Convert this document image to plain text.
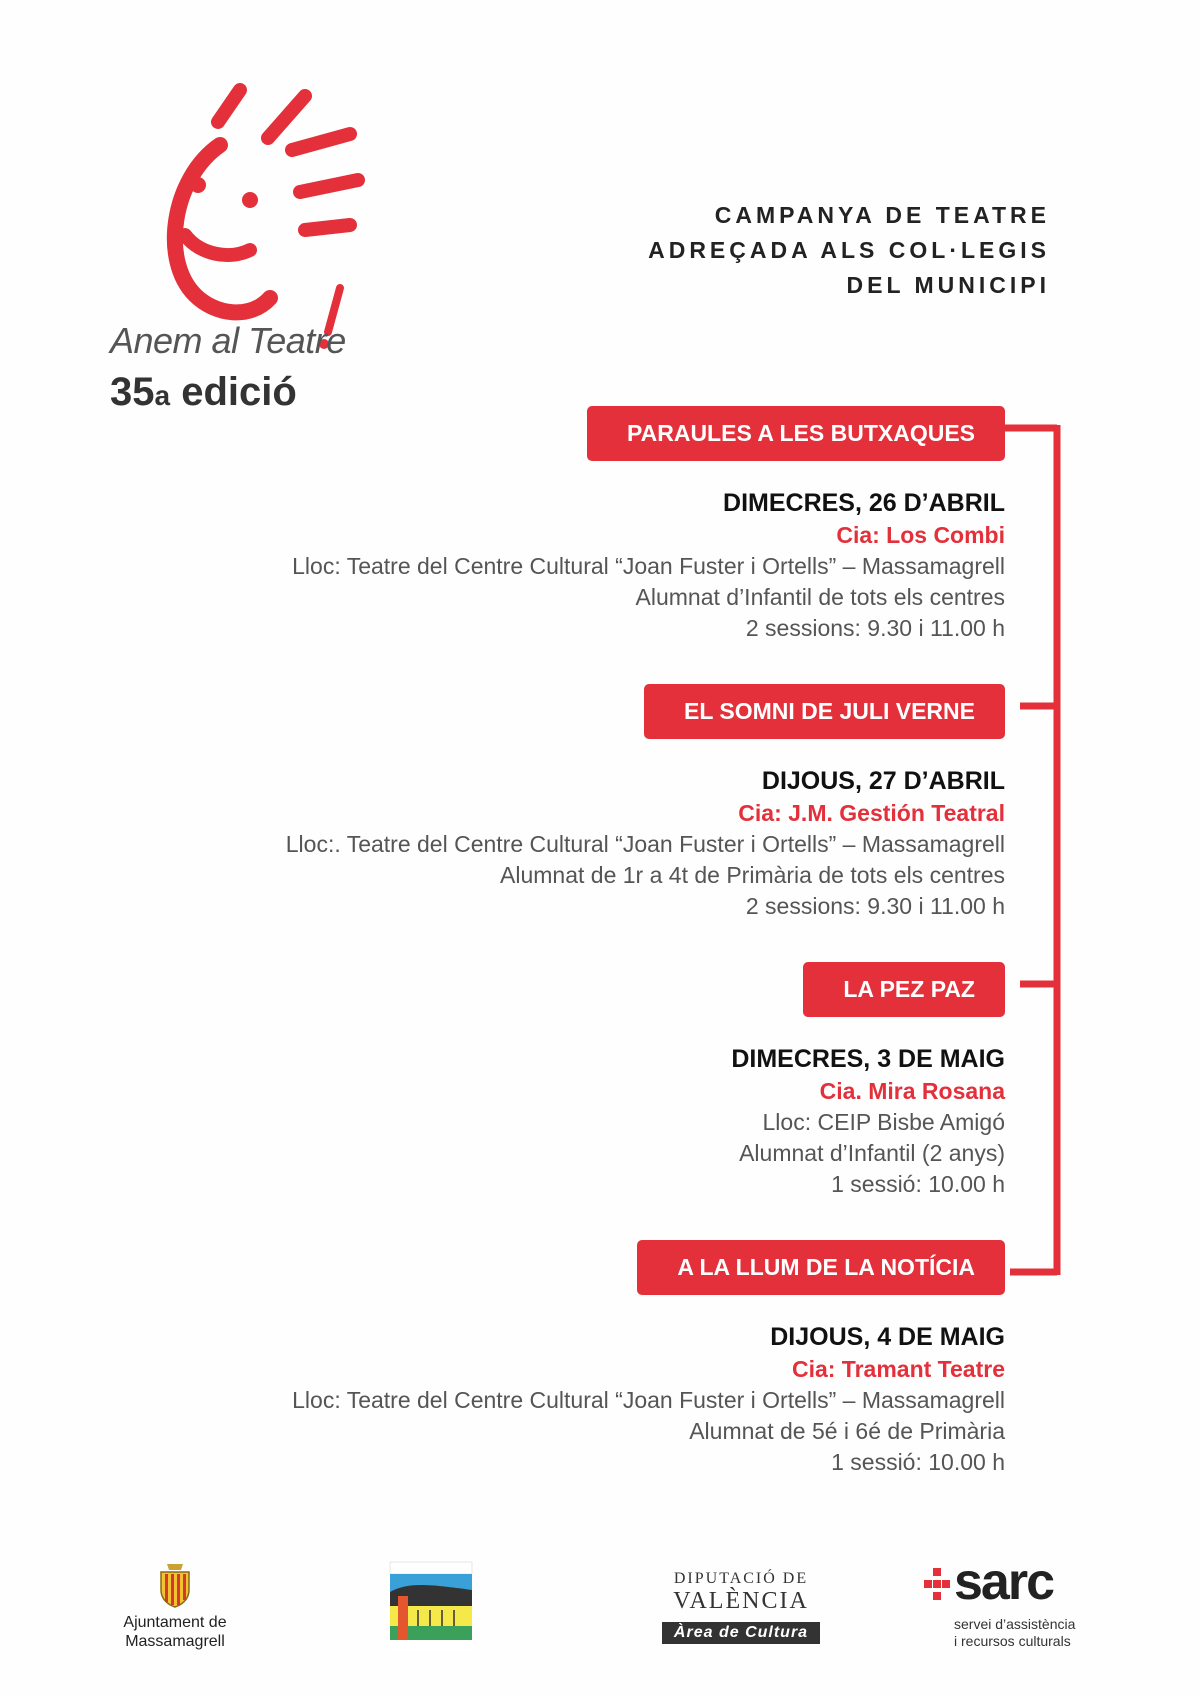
Anem al Teatre
35a edició
CAMPANYA DE TEATRE
ADREÇADA ALS COL·LEGIS
DEL MUNICIPI
PARAULES A LES BUTXAQUES
DIMECRES, 26 D’ABRIL
Cia: Los Combi
Lloc: Teatre del Centre Cultural “Joan Fuster i Ortells” – Massamagrell
Alumnat d’Infantil de tots els centres
2 sessions: 9.30 i 11.00 h
EL SOMNI DE JULI VERNE
DIJOUS, 27 D’ABRIL
Cia: J.M. Gestión Teatral
Lloc:. Teatre del Centre Cultural “Joan Fuster i Ortells” – Massamagrell
Alumnat de 1r a 4t de Primària de tots els centres
2 sessions: 9.30 i 11.00 h
LA PEZ PAZ
DIMECRES, 3 DE MAIG
Cia. Mira Rosana
Lloc: CEIP Bisbe Amigó
Alumnat d’Infantil (2 anys)
1 sessió: 10.00 h
A LA LLUM DE LA NOTÍCIA
DIJOUS, 4 DE MAIG
Cia: Tramant Teatre
Lloc: Teatre del Centre Cultural “Joan Fuster i Ortells” – Massamagrell
Alumnat de 5é i 6é de Primària
1 sessió: 10.00 h
Ajuntament de
Massamagrell
DIPUTACIÓ DE
VALÈNCIA
Àrea de Cultura
sarc
servei d’assistència
i recursos culturals
